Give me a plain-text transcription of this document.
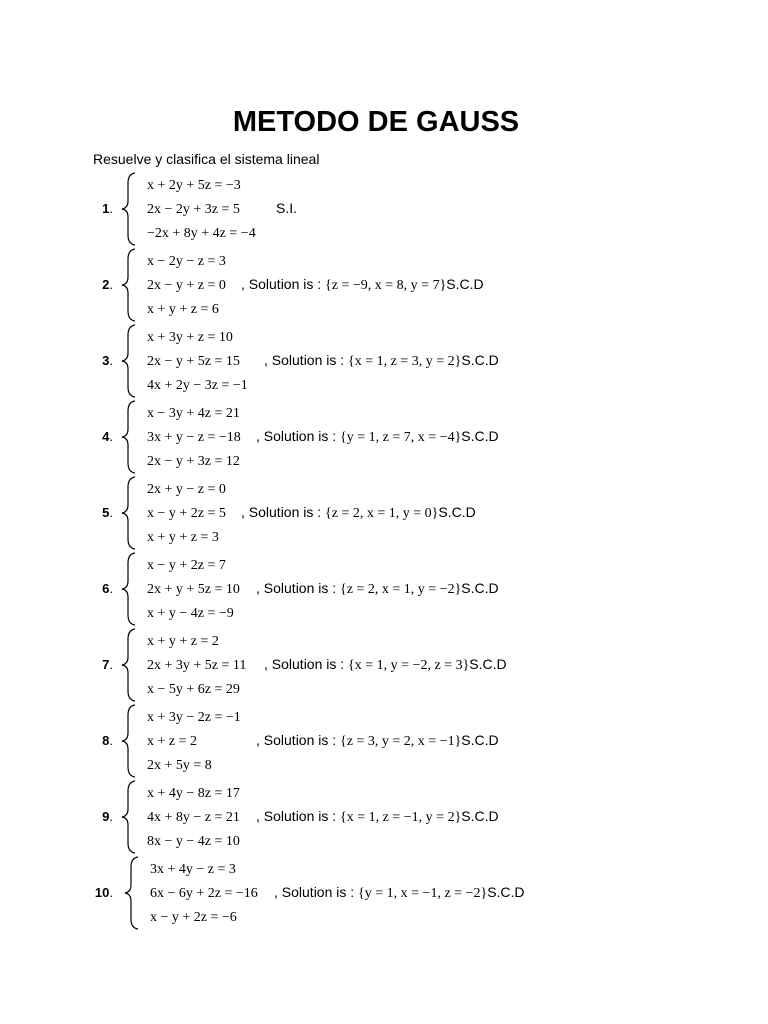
METODO DE GAUSS
Resuelve y clasifica el sistema lineal
1.
x + 2y + 5z = −3
2x − 2y + 3z = 5
−2x + 8y + 4z = −4
S.I.
2.
x − 2y − z = 3
2x − y + z = 0
x + y + z = 6
, Solution is : {z = −9, x = 8, y = 7}S.C.D
3.
x + 3y + z = 10
2x − y + 5z = 15
4x + 2y − 3z = −1
, Solution is : {x = 1, z = 3, y = 2}S.C.D
4.
x − 3y + 4z = 21
3x + y − z = −18
2x − y + 3z = 12
, Solution is : {y = 1, z = 7, x = −4}S.C.D
5.
2x + y − z = 0
x − y + 2z = 5
x + y + z = 3
, Solution is : {z = 2, x = 1, y = 0}S.C.D
6.
x − y + 2z = 7
2x + y + 5z = 10
x + y − 4z = −9
, Solution is : {z = 2, x = 1, y = −2}S.C.D
7.
x + y + z = 2
2x + 3y + 5z = 11
x − 5y + 6z = 29
, Solution is : {x = 1, y = −2, z = 3}S.C.D
8.
x + 3y − 2z = −1
x + z = 2
2x + 5y = 8
, Solution is : {z = 3, y = 2, x = −1}S.C.D
9.
x + 4y − 8z = 17
4x + 8y − z = 21
8x − y − 4z = 10
, Solution is : {x = 1, z = −1, y = 2}S.C.D
10.
3x + 4y − z = 3
6x − 6y + 2z = −16
x − y + 2z = −6
, Solution is : {y = 1, x = −1, z = −2}S.C.D
